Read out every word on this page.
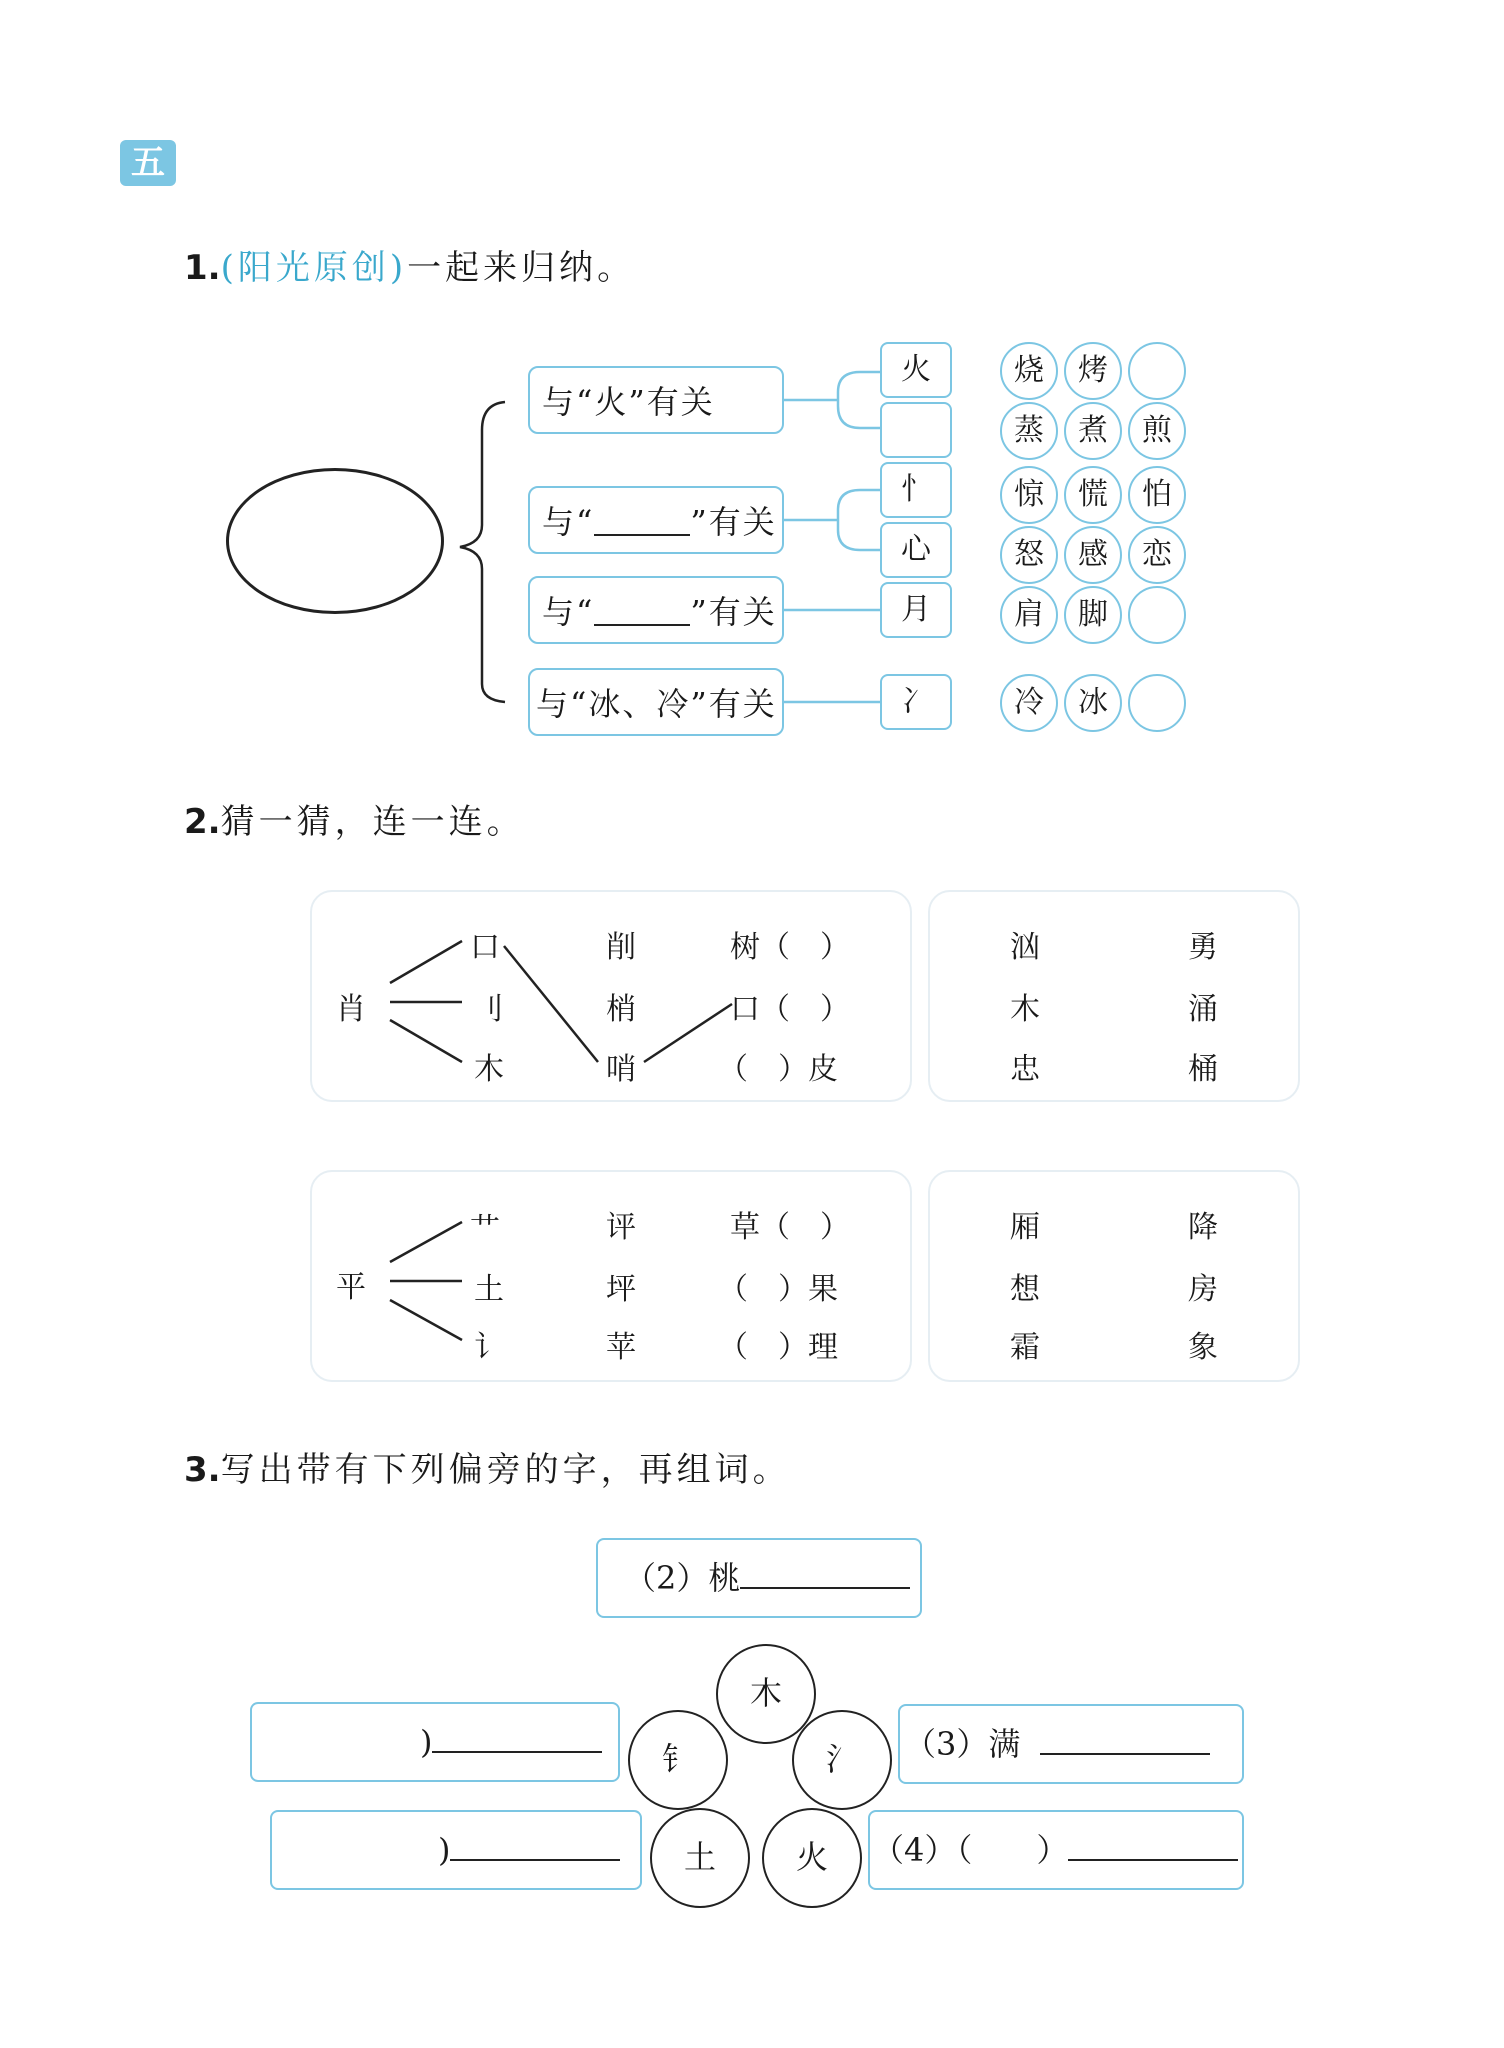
五
1.(阳光原创)一起来归纳。
与“火”有关
与“	”有关
与“	”有关
与“冰、冷”有关
火
忄
心
月
冫
烧	烤
蒸	煮	煎
惊	慌	怕
怒	感	恋
肩	脚
冷	冰
2.猜一猜，连一连。
肖
口
刂
木
削
梢
哨
树（　）
口（　）
（　）皮
汹
木
忠
勇
涌
桶
平
艹
土
讠
评
坪
苹
草（　）
（　）果
（　）理
厢
想
霜
降
房
象
3.写出带有下列偏旁的字，再组词。
（2）桃
)
)
（3）满
（4）（　　）
木
钅	氵
土	火
